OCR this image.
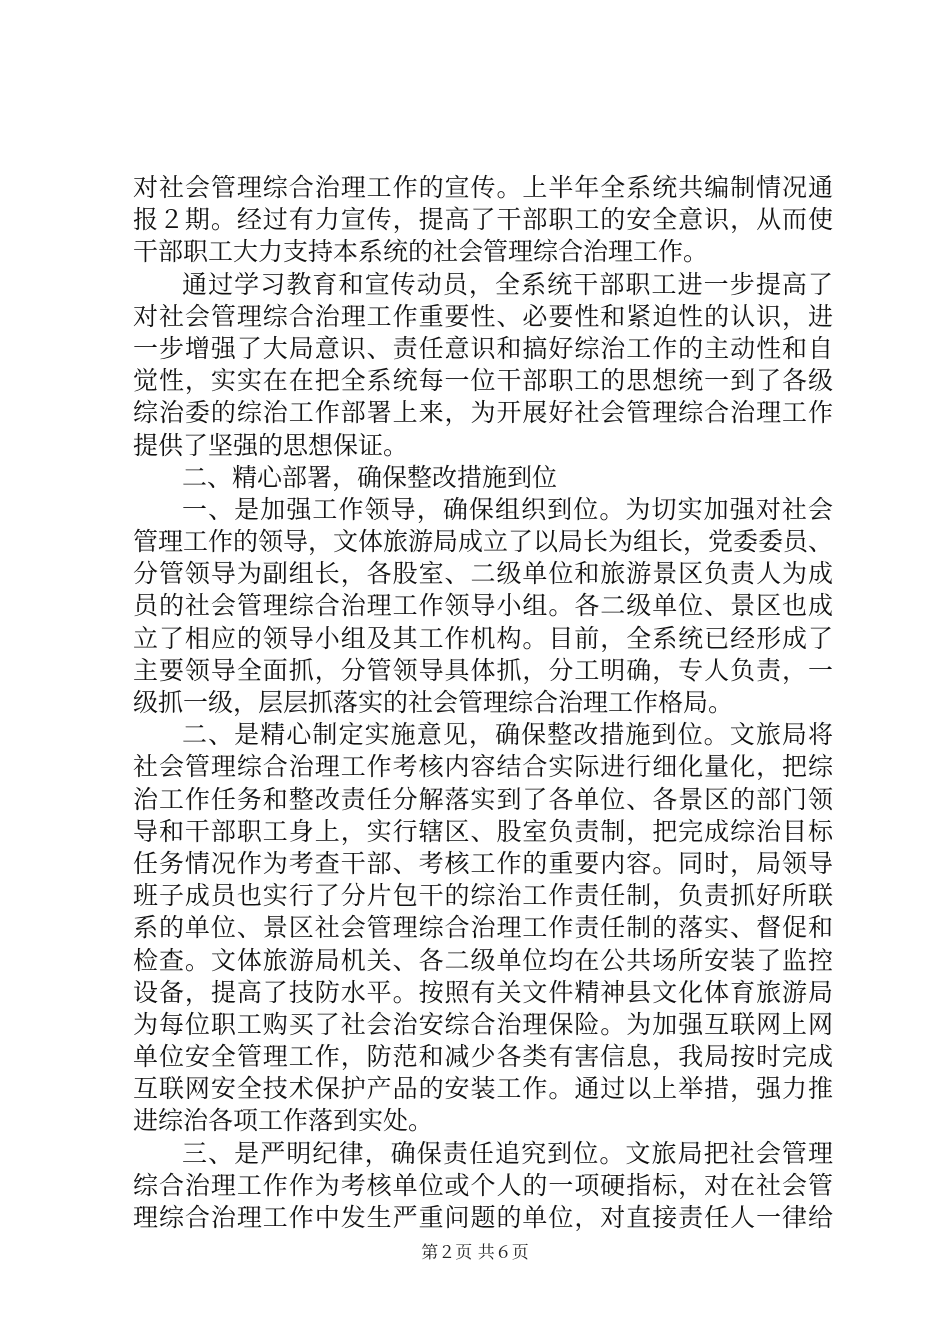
对社会管理综合治理工作的宣传。上半年全系统共编制情况通
报２期。经过有力宣传，提高了干部职工的安全意识，从而使
干部职工大力支持本系统的社会管理综合治理工作。
通过学习教育和宣传动员，全系统干部职工进一步提高了
对社会管理综合治理工作重要性、必要性和紧迫性的认识，进
一步增强了大局意识、责任意识和搞好综治工作的主动性和自
觉性，实实在在把全系统每一位干部职工的思想统一到了各级
综治委的综治工作部署上来，为开展好社会管理综合治理工作
提供了坚强的思想保证。
二、精心部署，确保整改措施到位
一、是加强工作领导，确保组织到位。为切实加强对社会
管理工作的领导，文体旅游局成立了以局长为组长，党委委员、
分管领导为副组长，各股室、二级单位和旅游景区负责人为成
员的社会管理综合治理工作领导小组。各二级单位、景区也成
立了相应的领导小组及其工作机构。目前，全系统已经形成了
主要领导全面抓，分管领导具体抓，分工明确，专人负责，一
级抓一级，层层抓落实的社会管理综合治理工作格局。
二、是精心制定实施意见，确保整改措施到位。文旅局将
社会管理综合治理工作考核内容结合实际进行细化量化，把综
治工作任务和整改责任分解落实到了各单位、各景区的部门领
导和干部职工身上，实行辖区、股室负责制，把完成综治目标
任务情况作为考查干部、考核工作的重要内容。同时，局领导
班子成员也实行了分片包干的综治工作责任制，负责抓好所联
系的单位、景区社会管理综合治理工作责任制的落实、督促和
检查。文体旅游局机关、各二级单位均在公共场所安装了监控
设备，提高了技防水平。按照有关文件精神县文化体育旅游局
为每位职工购买了社会治安综合治理保险。为加强互联网上网
单位安全管理工作，防范和减少各类有害信息，我局按时完成
互联网安全技术保护产品的安装工作。通过以上举措，强力推
进综治各项工作落到实处。
三、是严明纪律，确保责任追究到位。文旅局把社会管理
综合治理工作作为考核单位或个人的一项硬指标，对在社会管
理综合治理工作中发生严重问题的单位，对直接责任人一律给
第２页 共６页
